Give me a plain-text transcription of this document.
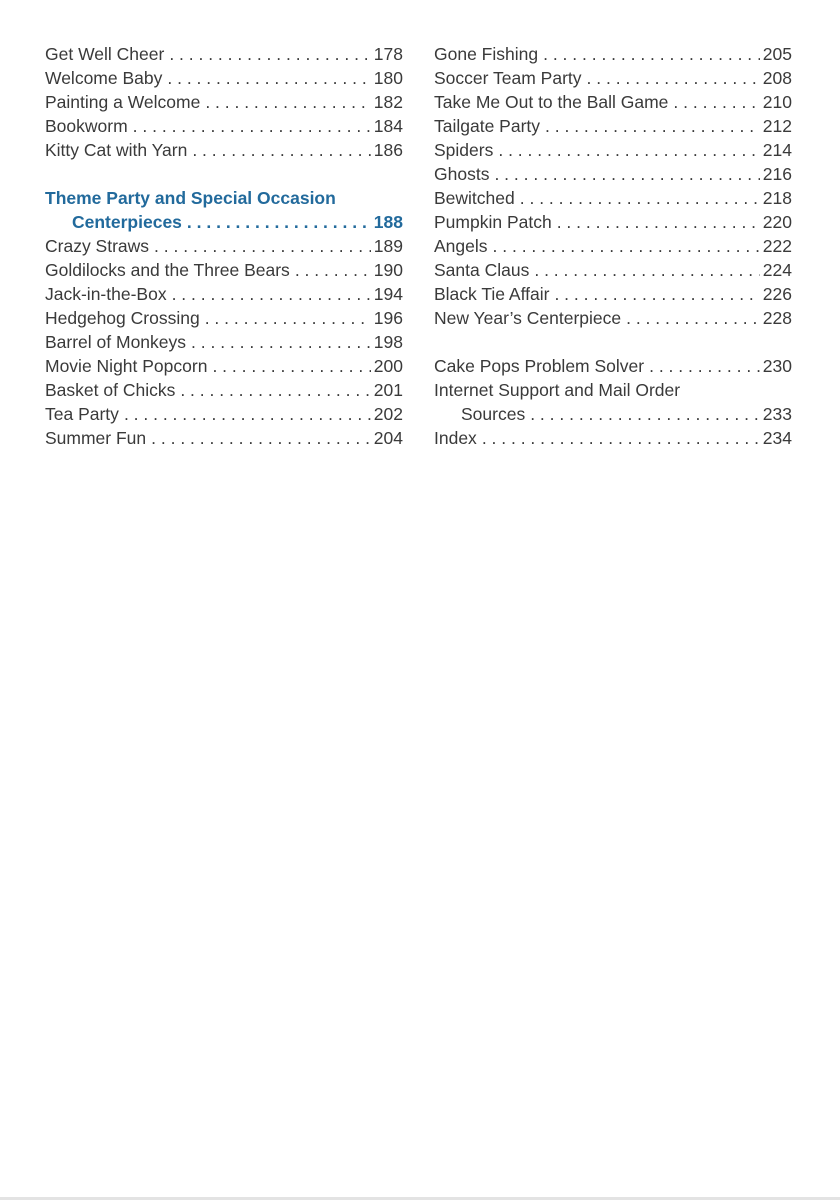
Get Well Cheer . . .	178
Welcome Baby . . .	180
Painting a Welcome . . .	182
Bookworm . . .	184
Kitty Cat with Yarn . . .	186
Theme Party and Special Occasion
Centerpieces . . .	188
Crazy Straws . . .	189
Goldilocks and the Three Bears . . .	190
Jack-in-the-Box . . .	194
Hedgehog Crossing . . .	196
Barrel of Monkeys . . .	198
Movie Night Popcorn . . .	200
Basket of Chicks . . .	201
Tea Party . . .	202
Summer Fun . . .	204
Gone Fishing . . .	205
Soccer Team Party . . .	208
Take Me Out to the Ball Game . . .	210
Tailgate Party . . .	212
Spiders . . .	214
Ghosts . . .	216
Bewitched . . .	218
Pumpkin Patch . . .	220
Angels . . .	222
Santa Claus . . .	224
Black Tie Affair . . .	226
New Year’s Centerpiece . . .	228
Cake Pops Problem Solver . . .	230
Internet Support and Mail Order
Sources . . .	233
Index . . .	234
